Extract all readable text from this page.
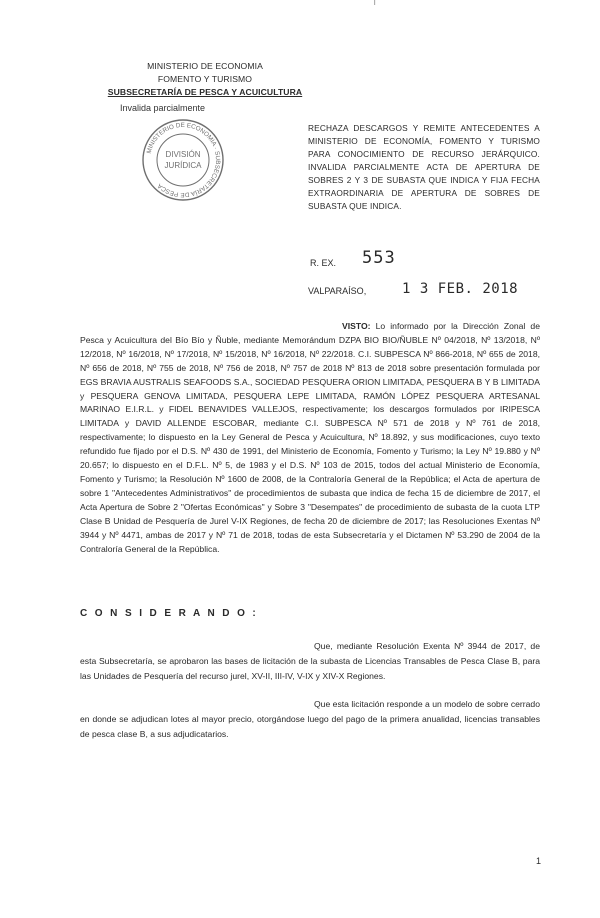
l
MINISTERIO DE ECONOMIA
FOMENTO Y TURISMO
SUBSECRETARÍA DE PESCA Y ACUICULTURA
Invalida parcialmente
MINISTERIO DE ECONOMIA · SUBSECRETARÍA DE PESCA
DIVISIÓN
JURÍDICA
RECHAZA DESCARGOS Y REMITE ANTECEDENTES A MINISTERIO DE ECONOMÍA, FOMENTO Y TURISMO PARA CONOCIMIENTO DE RECURSO JERÁRQUICO. INVALIDA PARCIALMENTE ACTA DE APERTURA DE SOBRES 2 Y 3 DE SUBASTA QUE INDICA Y FIJA FECHA EXTRAORDINARIA DE APERTURA DE SOBRES DE SUBASTA QUE INDICA.
R. EX. 553
VALPARAÍSO,	1 3 FEB. 2018
VISTO: Lo informado por la Dirección Zonal de Pesca y Acuicultura del Bío Bío y Ñuble, mediante Memorándum DZPA BIO BIO/ÑUBLE Nº 04/2018, Nº 13/2018, Nº 12/2018, Nº 16/2018, Nº 17/2018, Nº 15/2018, Nº 16/2018, Nº 22/2018. C.I. SUBPESCA Nº 866-2018, Nº 655 de 2018, Nº 656 de 2018, Nº 755 de 2018, Nº 756 de 2018, Nº 757 de 2018 Nº 813 de 2018 sobre presentación formulada por EGS BRAVIA AUSTRALIS SEAFOODS S.A., SOCIEDAD PESQUERA ORION LIMITADA, PESQUERA B Y B LIMITADA y PESQUERA GENOVA LIMITADA, PESQUERA LEPE LIMITADA, RAMÓN LÓPEZ PESQUERA ARTESANAL MARINAO E.I.R.L. y FIDEL BENAVIDES VALLEJOS, respectivamente; los descargos formulados por IRIPESCA LIMITADA y DAVID ALLENDE ESCOBAR, mediante C.I. SUBPESCA Nº 571 de 2018 y Nº 761 de 2018, respectivamente; lo dispuesto en la Ley General de Pesca y Acuicultura, Nº 18.892, y sus modificaciones, cuyo texto refundido fue fijado por el D.S. Nº 430 de 1991, del Ministerio de Economía, Fomento y Turismo; la Ley Nº 19.880 y Nº 20.657; lo dispuesto en el D.F.L. Nº 5, de 1983 y el D.S. Nº 103 de 2015, todos del actual Ministerio de Economía, Fomento y Turismo; la Resolución Nº 1600 de 2008, de la Contraloría General de la República; el Acta de apertura de sobre 1 "Antecedentes Administrativos" de procedimientos de subasta que indica de fecha 15 de diciembre de 2017, el Acta Apertura de Sobre 2 "Ofertas Económicas" y Sobre 3 "Desempates" de procedimiento de subasta de la cuota LTP Clase B Unidad de Pesquería de Jurel V-IX Regiones, de fecha 20 de diciembre de 2017; las Resoluciones Exentas Nº 3944 y Nº 4471, ambas de 2017 y Nº 71 de 2018, todas de esta Subsecretaría y el Dictamen Nº 53.290 de 2004 de la Contraloría General de la República.
C O N S I D E R A N D O :
Que, mediante Resolución Exenta Nº 3944 de 2017, de esta Subsecretaría, se aprobaron las bases de licitación de la subasta de Licencias Transables de Pesca Clase B, para las Unidades de Pesquería del recurso jurel, XV-II, III-IV, V-IX y XIV-X Regiones.
Que esta licitación responde a un modelo de sobre cerrado en donde se adjudican lotes al mayor precio, otorgándose luego del pago de la primera anualidad, licencias transables de pesca clase B, a sus adjudicatarios.
1
